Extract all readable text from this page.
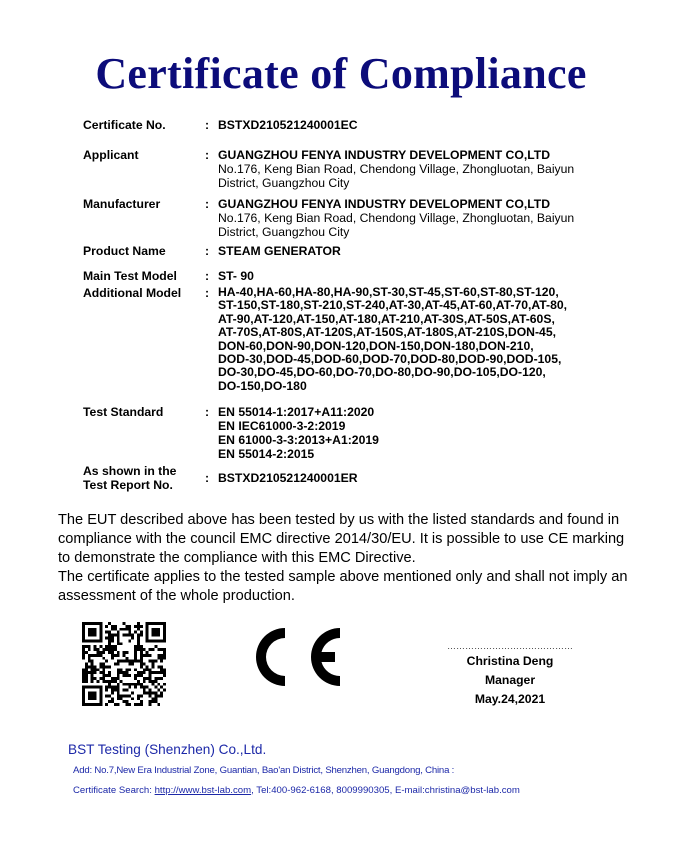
Certificate of Compliance
Certificate No.	: BSTXD210521240001EC
Applicant	: GUANGZHOU FENYA INDUSTRY DEVELOPMENT CO,LTD
No.176, Keng Bian Road, Chendong Village, Zhongluotan, Baiyun
District, Guangzhou City
Manufacturer	: GUANGZHOU FENYA INDUSTRY DEVELOPMENT CO,LTD
No.176, Keng Bian Road, Chendong Village, Zhongluotan, Baiyun
District, Guangzhou City
Product Name	: STEAM GENERATOR
Main Test Model	: ST- 90
Additional Model	: HA-40,HA-60,HA-80,HA-90,ST-30,ST-45,ST-60,ST-80,ST-120,
ST-150,ST-180,ST-210,ST-240,AT-30,AT-45,AT-60,AT-70,AT-80,
AT-90,AT-120,AT-150,AT-180,AT-210,AT-30S,AT-50S,AT-60S,
AT-70S,AT-80S,AT-120S,AT-150S,AT-180S,AT-210S,DON-45,
DON-60,DON-90,DON-120,DON-150,DON-180,DON-210,
DOD-30,DOD-45,DOD-60,DOD-70,DOD-80,DOD-90,DOD-105,
DO-30,DO-45,DO-60,DO-70,DO-80,DO-90,DO-105,DO-120,
DO-150,DO-180
Test Standard	: EN 55014-1:2017+A11:2020
EN IEC61000-3-2:2019
EN 61000-3-3:2013+A1:2019
EN 55014-2:2015
As shown in the
Test Report No.	: BSTXD210521240001ER

The EUT described above has been tested by us with the listed standards and found in compliance with the council EMC directive 2014/30/EU. It is possible to use CE marking to demonstrate the compliance with this EMC Directive.

The certificate applies to the tested sample above mentioned only and shall not imply an assessment of the whole production.

……………………………………
Christina Deng
Manager
May.24,2021
BST Testing (Shenzhen) Co.,Ltd.
Add: No.7,New Era Industrial Zone, Guantian, Bao'an District, Shenzhen, Guangdong, China :
Certificate Search: http://www.bst-lab.com, Tel:400-962-6168, 8009990305, E-mail:christina@bst-lab.com
